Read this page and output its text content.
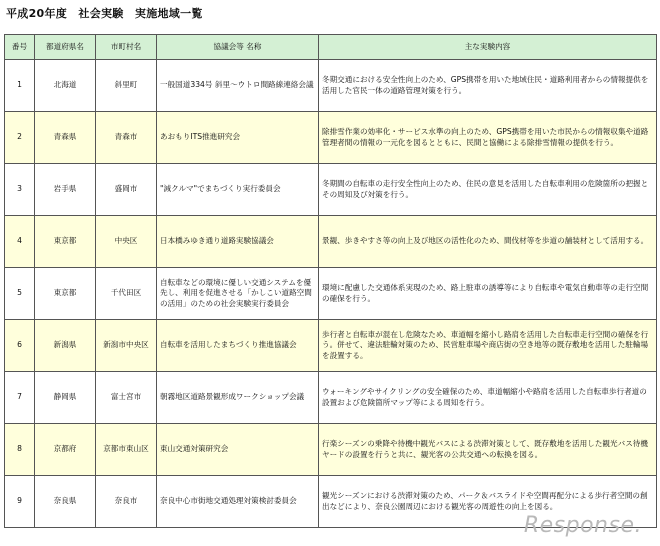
平成20年度　社会実験　実施地域一覧
番号	都道府県名	市町村名	協議会等 名称	主な実験内容
1	北海道	斜里町	一般国道334号 斜里～ウトロ間路線連絡会議	冬期交通における安全性向上のため、GPS携帯を用いた地域住民・道路利用者からの情報提供を活用した官民一体の道路管理対策を行う。
2	青森県	青森市	あおもりITS推進研究会	除排雪作業の効率化・サービス水準の向上のため、GPS携帯を用いた市民からの情報収集や道路管理者間の情報の一元化を図るとともに、民間と協働による除排雪情報の提供を行う。
3	岩手県	盛岡市	"減クルマ"でまちづくり実行委員会	冬期間の自転車の走行安全性向上のため、住民の意見を活用した自転車利用の危険箇所の把握とその周知及び対策を行う。
4	東京都	中央区	日本橋みゆき通り道路実験協議会	景観、歩きやすさ等の向上及び地区の活性化のため、間伐材等を歩道の舗装材として活用する。
5	東京都	千代田区	自転車などの環境に優しい交通システムを優先し、利用を促進させる「かしこい道路空間の活用」のための社会実験実行委員会	環境に配慮した交通体系実現のため、路上駐車の誘導等により自転車や電気自動車等の走行空間の確保を行う。
6	新潟県	新潟市中央区	自転車を活用したまちづくり推進協議会	歩行者と自転車が混在し危険なため、車道幅を縮小し路肩を活用した自転車走行空間の確保を行う。併せて、違法駐輪対策のため、民営駐車場や商店街の空き地等の既存敷地を活用した駐輪場を設置する。
7	静岡県	富士宮市	朝霧地区道路景観形成ワークショップ会議	ウォーキングやサイクリングの安全確保のため、車道幅縮小や路肩を活用した自転車歩行者道の設置および危険箇所マップ等による周知を行う。
8	京都府	京都市東山区	東山交通対策研究会	行楽シーズンの乗降や待機中観光バスによる渋滞対策として、既存敷地を活用した観光バス待機ヤードの設置を行うと共に、観光客の公共交通への転換を図る。
9	奈良県	奈良市	奈良中心市街地交通処理対策検討委員会	観光シーズンにおける渋滞対策のため、パーク＆バスライドや空間再配分による歩行者空間の創出などにより、奈良公園周辺における観光客の周遊性の向上を図る。
Response.
